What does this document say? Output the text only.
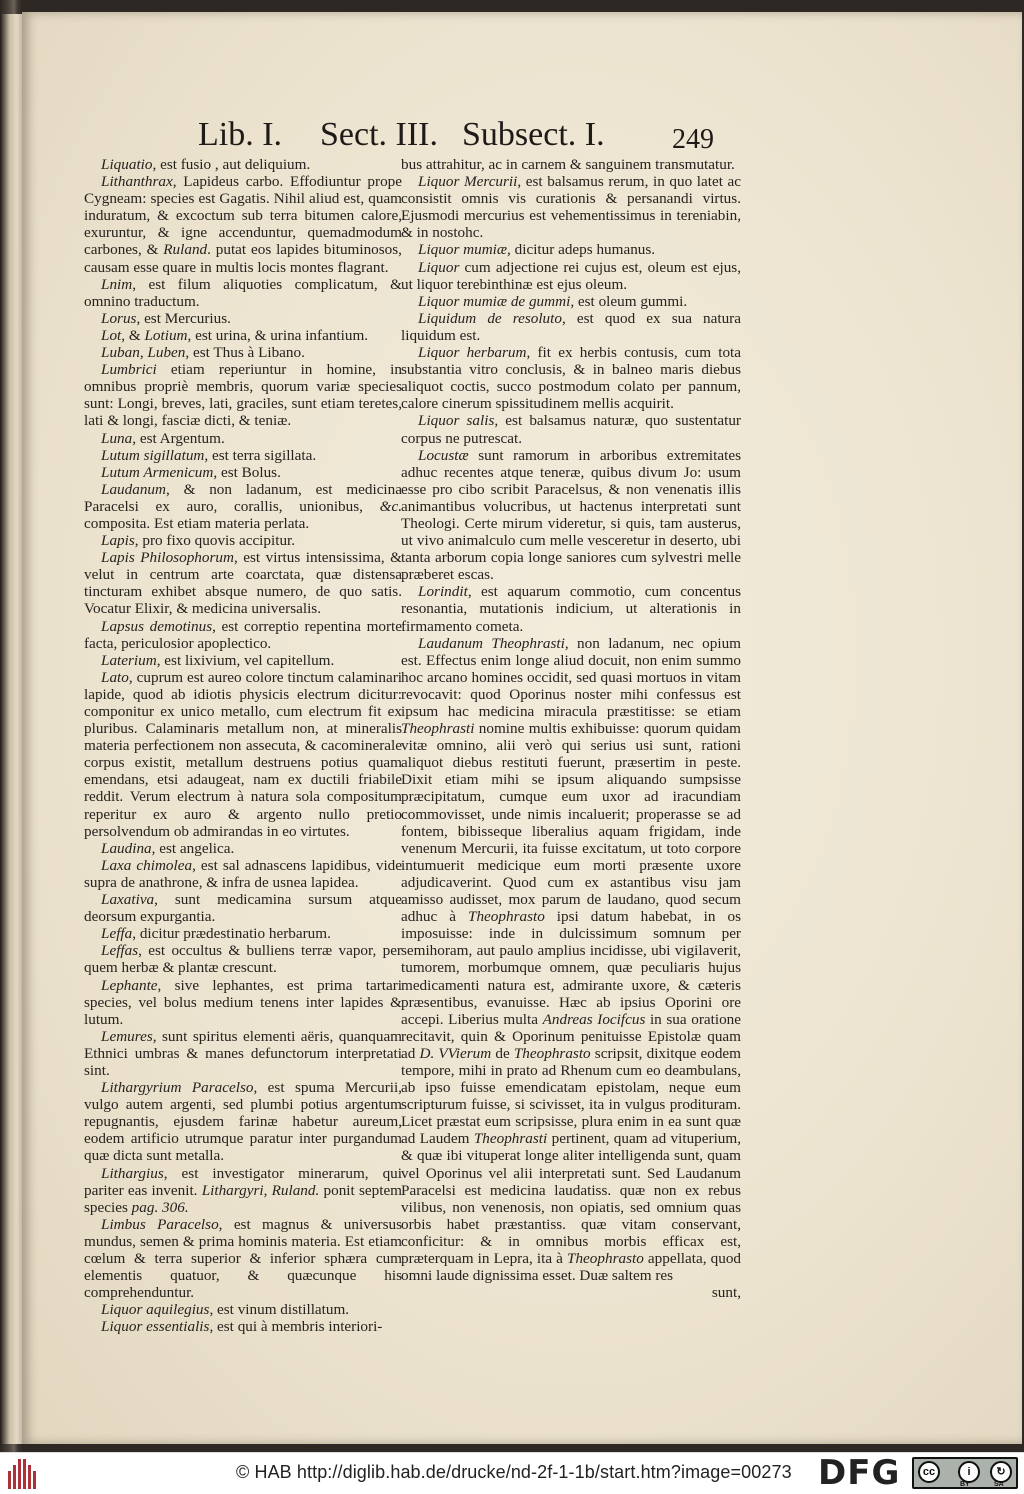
Lib. I. Sect. III. Subsect. I. 249

Liquatio, est fusio , aut deliquium.

Lithanthrax, Lapideus carbo. Effodiuntur prope Cygneam: species est Gagatis. Nihil aliud est, quam induratum, & excoctum sub terra bitumen calore, exuruntur, & igne accenduntur, quemadmodum carbones, & Ruland. putat eos lapides bituminosos, causam esse quare in multis locis montes flagrant.

Lnim, est filum aliquoties complicatum, & omnino traductum.

Lorus, est Mercurius.

Lot, & Lotium, est urina, & urina infantium.

Luban, Luben, est Thus à Libano.

Lumbrici etiam reperiuntur in homine, in omnibus propriè membris, quorum variæ species sunt: Longi, breves, lati, graciles, sunt etiam teretes, lati & longi, fasciæ dicti, & teniæ.

Luna, est Argentum.

Lutum sigillatum, est terra sigillata.

Lutum Armenicum, est Bolus.

Laudanum, & non ladanum, est medicina Paracelsi ex auro, corallis, unionibus, &c. composita. Est etiam materia perlata.

Lapis, pro fixo quovis accipitur.

Lapis Philosophorum, est virtus intensissima, & velut in centrum arte coarctata, quæ distensa tincturam exhibet absque numero, de quo satis. Vocatur Elixir, & medicina universalis.

Lapsus demotinus, est correptio repentina morte facta, periculosior apoplectico.

Laterium, est lixivium, vel capitellum.

Lato, cuprum est aureo colore tinctum calaminari lapide, quod ab idiotis physicis electrum dicitur: componitur ex unico metallo, cum electrum fit ex pluribus. Calaminaris metallum non, at mineralis materia perfectionem non assecuta, & cacominerale corpus existit, metallum destruens potius quam emendans, etsi adaugeat, nam ex ductili friabile reddit. Verum electrum à natura sola compositum reperitur ex auro & argento nullo pretio persolvendum ob admirandas in eo virtutes.

Laudina, est angelica.

Laxa chimolea, est sal adnascens lapidibus, vide supra de anathrone, & infra de usnea lapidea.

Laxativa, sunt medicamina sursum atque deorsum expurgantia.

Leffa, dicitur prædestinatio herbarum.

Leffas, est occultus & bulliens terræ vapor, per quem herbæ & plantæ crescunt.

Lephante, sive lephantes, est prima tartari species, vel bolus medium tenens inter lapides & lutum.

Lemures, sunt spiritus elementi aëris, quanquam Ethnici umbras & manes defunctorum interpretati sint.

Lithargyrium Paracelso, est spuma Mercurii, vulgo autem argenti, sed plumbi potius argentum repugnantis, ejusdem farinæ habetur aureum, eodem artificio utrumque paratur inter purgandum quæ dicta sunt metalla.

Lithargius, est investigator minerarum, qui pariter eas invenit. Lithargyri, Ruland. ponit septem species pag. 306.

Limbus Paracelso, est magnus & universus mundus, semen & prima hominis materia. Est etiam cœlum & terra superior & inferior sphæra cum elementis quatuor, & quæcunque his comprehenduntur.

Liquor aquilegius, est vinum distillatum.

Liquor essentialis, est qui à membris interiori-

bus attrahitur, ac in carnem & sanguinem transmutatur.

Liquor Mercurii, est balsamus rerum, in quo latet ac consistit omnis vis curationis & persanandi virtus. Ejusmodi mercurius est vehementissimus in tereniabin, & in nostohc.

Liquor mumiæ, dicitur adeps humanus.

Liquor cum adjectione rei cujus est, oleum est ejus, ut liquor terebinthinæ est ejus oleum.

Liquor mumiæ de gummi, est oleum gummi.

Liquidum de resoluto, est quod ex sua natura liquidum est.

Liquor herbarum, fit ex herbis contusis, cum tota substantia vitro conclusis, & in balneo maris diebus aliquot coctis, succo postmodum colato per pannum, calore cinerum spissitudinem mellis acquirit.

Liquor salis, est balsamus naturæ, quo sustentatur corpus ne putrescat.

Locustæ sunt ramorum in arboribus extremitates adhuc recentes atque teneræ, quibus divum Jo: usum esse pro cibo scribit Paracelsus, & non venenatis illis animantibus volucribus, ut hactenus interpretati sunt Theologi. Certe mirum videretur, si quis, tam austerus, ut vivo animalculo cum melle vesceretur in deserto, ubi tanta arborum copia longe saniores cum sylvestri melle præberet escas.

Lorindit, est aquarum commotio, cum concentus resonantia, mutationis indicium, ut alterationis in firmamento cometa.

Laudanum Theophrasti, non ladanum, nec opium est. Effectus enim longe aliud docuit, non enim summo hoc arcano homines occidit, sed quasi mortuos in vitam revocavit: quod Oporinus noster mihi confessus est ipsum hac medicina miracula præstitisse: se etiam Theophrasti nomine multis exhibuisse: quorum quidam vitæ omnino, alii verò qui serius usi sunt, rationi aliquot diebus restituti fuerunt, præsertim in peste. Dixit etiam mihi se ipsum aliquando sumpsisse præcipitatum, cumque eum uxor ad iracundiam commovisset, unde nimis incaluerit; properasse se ad fontem, bibisseque liberalius aquam frigidam, inde venenum Mercurii, ita fuisse excitatum, ut toto corpore intumuerit medicique eum morti præsente uxore adjudicaverint. Quod cum ex astantibus visu jam amisso audisset, mox parum de laudano, quod secum adhuc à Theophrasto ipsi datum habebat, in os imposuisse: inde in dulcissimum somnum per semihoram, aut paulo amplius incidisse, ubi vigilaverit, tumorem, morbumque omnem, quæ peculiaris hujus medicamenti natura est, admirante uxore, & cæteris præsentibus, evanuisse. Hæc ab ipsius Oporini ore accepi. Liberius multa Andreas Iocifcus in sua oratione recitavit, quin & Oporinum penituisse Epistolæ quam ad D. VVierum de Theophrasto scripsit, dixitque eodem tempore, mihi in prato ad Rhenum cum eo deambulans, ab ipso fuisse emendicatam epistolam, neque eum scripturum fuisse, si scivisset, ita in vulgus prodituram. Licet præstat eum scripsisse, plura enim in ea sunt quæ ad Laudem Theophrasti pertinent, quam ad vituperium, & quæ ibi vituperat longe aliter intelligenda sunt, quam vel Oporinus vel alii interpretati sunt. Sed Laudanum Paracelsi est medicina laudatiss. quæ non ex rebus vilibus, non venenosis, non opiatis, sed omnium quas orbis habet præstantiss. quæ vitam conservant, conficitur: & in omnibus morbis efficax est, præterquam in Lepra, ita à Theophrasto appellata, quod omni laude dignissima esset. Duæ saltem res

sunt,
© HAB http://diglib.hab.de/drucke/nd-2f-1-1b/start.htm?image=00273 DFG	cc	i	↻
BY	SA
